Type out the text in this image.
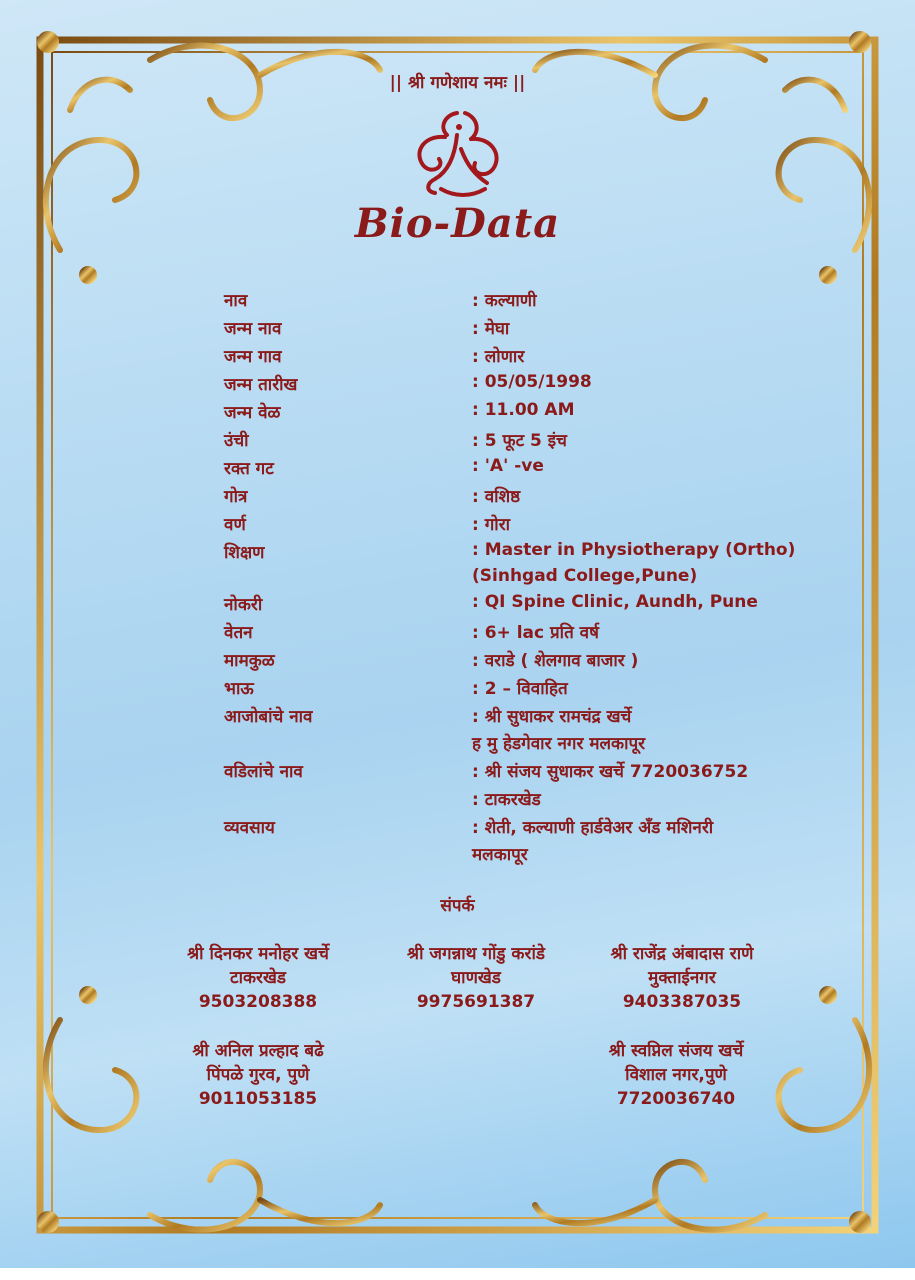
|| श्री गणेशाय नमः ||
Bio-Data
नाव	: कल्याणी
जन्म नाव	: मेघा
जन्म गाव	: लोणार
जन्म तारीख	: 05/05/1998
जन्म वेळ	: 11.00 AM
उंची	: 5 फूट 5 इंच
रक्त गट	: 'A' -ve
गोत्र	: वशिष्ठ
वर्ण	: गोरा
शिक्षण	: Master in Physiotherapy (Ortho)
(Sinhgad College,Pune)
नोकरी	: QI Spine Clinic, Aundh, Pune
वेतन	: 6+ lac प्रति वर्ष
मामकुळ	: वराडे ( शेलगाव बाजार )
भाऊ	: 2 – विवाहित
आजोबांचे नाव	: श्री सुधाकर रामचंद्र खर्चे
ह मु हेडगेवार नगर मलकापूर
वडिलांचे नाव	: श्री संजय सुधाकर खर्चे 7720036752
: टाकरखेड
व्यवसाय	: शेती, कल्याणी हार्डवेअर अँड मशिनरी
मलकापूर
संपर्क
श्री दिनकर मनोहर खर्चे
टाकरखेड
9503208388
श्री जगन्नाथ गोंडु करांडे
घाणखेड
9975691387
श्री राजेंद्र अंबादास राणे
मुक्ताईनगर
9403387035
श्री अनिल प्रल्हाद बढे
पिंपळे गुरव, पुणे
9011053185
श्री स्वप्निल संजय खर्चे
विशाल नगर,पुणे
7720036740
